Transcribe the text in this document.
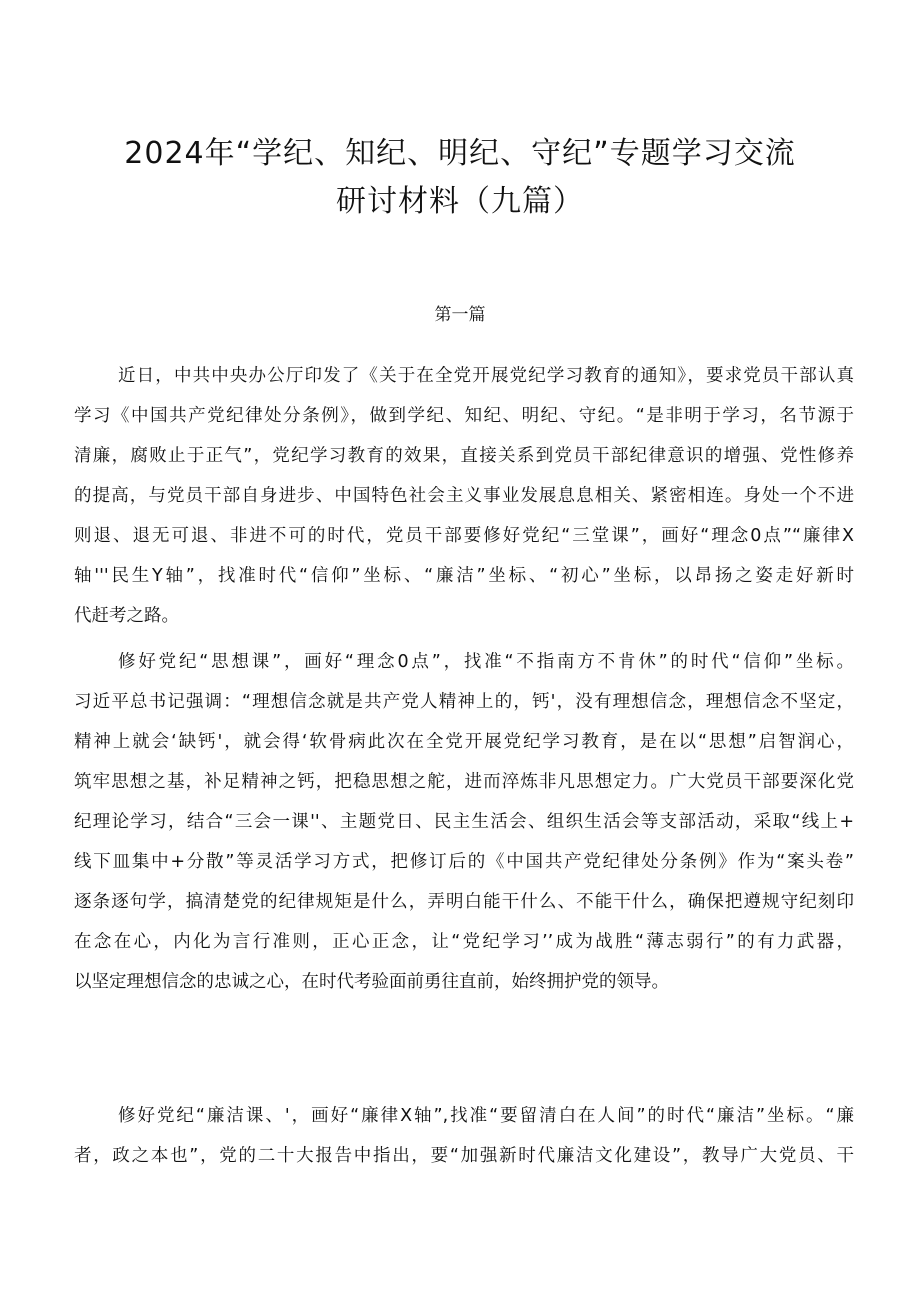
2024年“学纪、知纪、明纪、守纪”专题学习交流
研讨材料（九篇）
第一篇
近日，中共中央办公厅印发了《关于在全党开展党纪学习教育的通知》，要求党员干部认真
学习《中国共产党纪律处分条例》，做到学纪、知纪、明纪、守纪。“是非明于学习，名节源于
清廉，腐败止于正气”，党纪学习教育的效果，直接关系到党员干部纪律意识的增强、党性修养
的提高，与党员干部自身进步、中国特色社会主义事业发展息息相关、紧密相连。身处一个不进
则退、退无可退、非进不可的时代，党员干部要修好党纪“三堂课”，画好“理念0点”“廉律X
轴'''民生Y轴”，找准时代“信仰”坐标、“廉洁”坐标、“初心”坐标，以昂扬之姿走好新时
代赶考之路。
修好党纪“思想课”，画好“理念0点”，找准“不指南方不肯休”的时代“信仰”坐标。
习近平总书记强调：“理想信念就是共产党人精神上的，钙'，没有理想信念，理想信念不坚定，
精神上就会‘缺钙'，就会得‘软骨病此次在全党开展党纪学习教育，是在以“思想”启智润心，
筑牢思想之基，补足精神之钙，把稳思想之舵，进而淬炼非凡思想定力。广大党员干部要深化党
纪理论学习，结合“三会一课''、主题党日、民主生活会、组织生活会等支部活动，采取“线上+
线下皿集中+分散”等灵活学习方式，把修订后的《中国共产党纪律处分条例》作为“案头卷”
逐条逐句学，搞清楚党的纪律规矩是什么，弄明白能干什么、不能干什么，确保把遵规守纪刻印
在念在心，内化为言行准则，正心正念，让“党纪学习’’成为战胜“薄志弱行”的有力武器，
以坚定理想信念的忠诚之心，在时代考验面前勇往直前，始终拥护党的领导。
修好党纪“廉洁课、'，画好“廉律X轴”,找准“要留清白在人间”的时代“廉洁”坐标。“廉
者，政之本也”，党的二十大报告中指出，要“加强新时代廉洁文化建设”，教导广大党员、干
